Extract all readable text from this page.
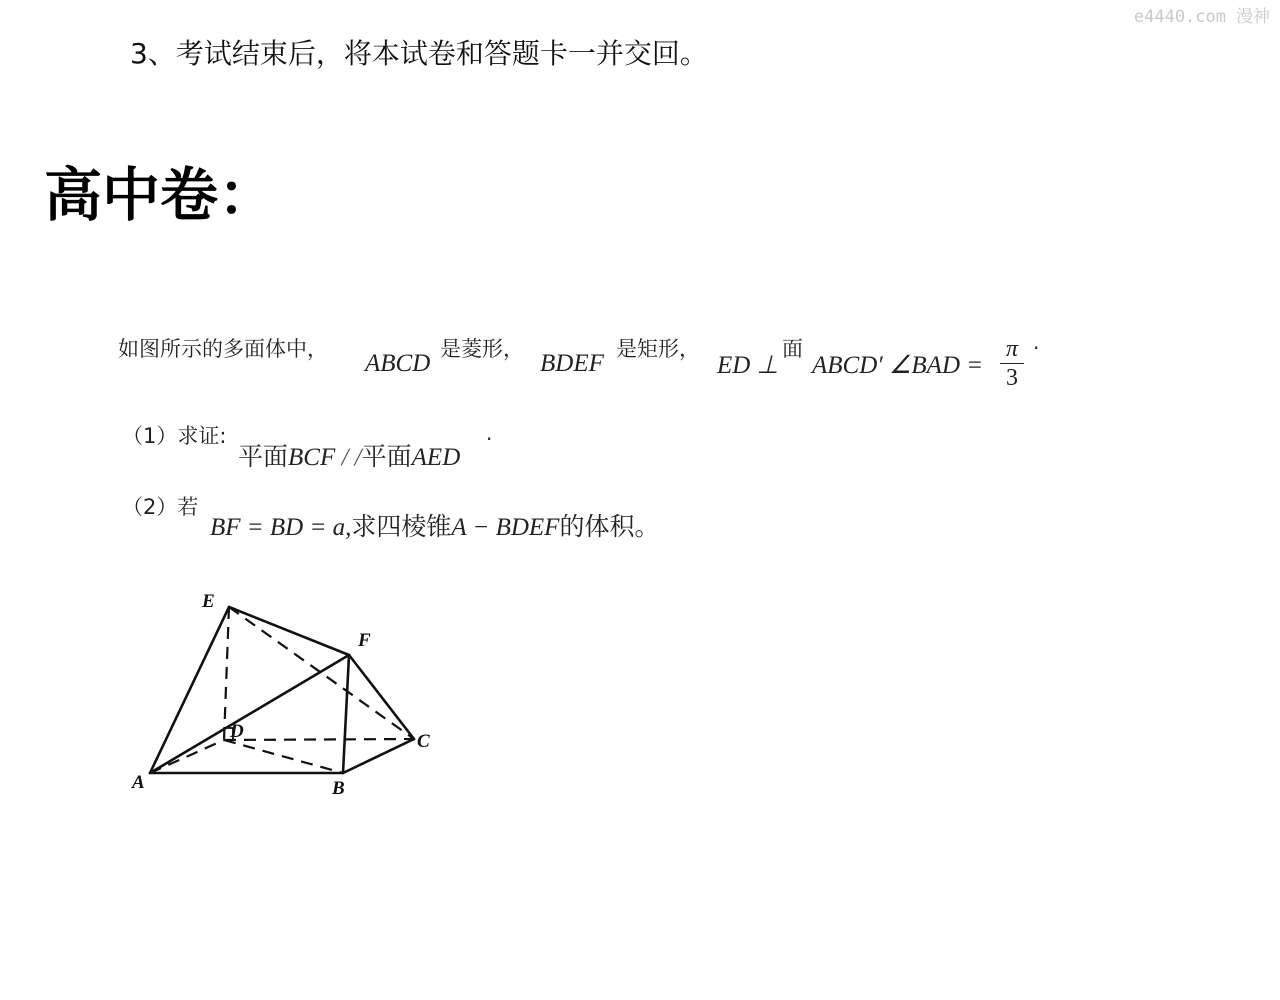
e4440.com 漫神
3、考试结束后，将本试卷和答题卡一并交回。
高中卷：
如图所示的多面体中，
ABCD
是菱形，
BDEF
是矩形，
ED ⊥
面
ABCD′ ∠BAD =
π
3
·
（1）求证:
平面BCF / /平面AED
·
（2）若
BF = BD = a,求四棱锥A − BDEF的体积。
E
F
D	C
A	B
